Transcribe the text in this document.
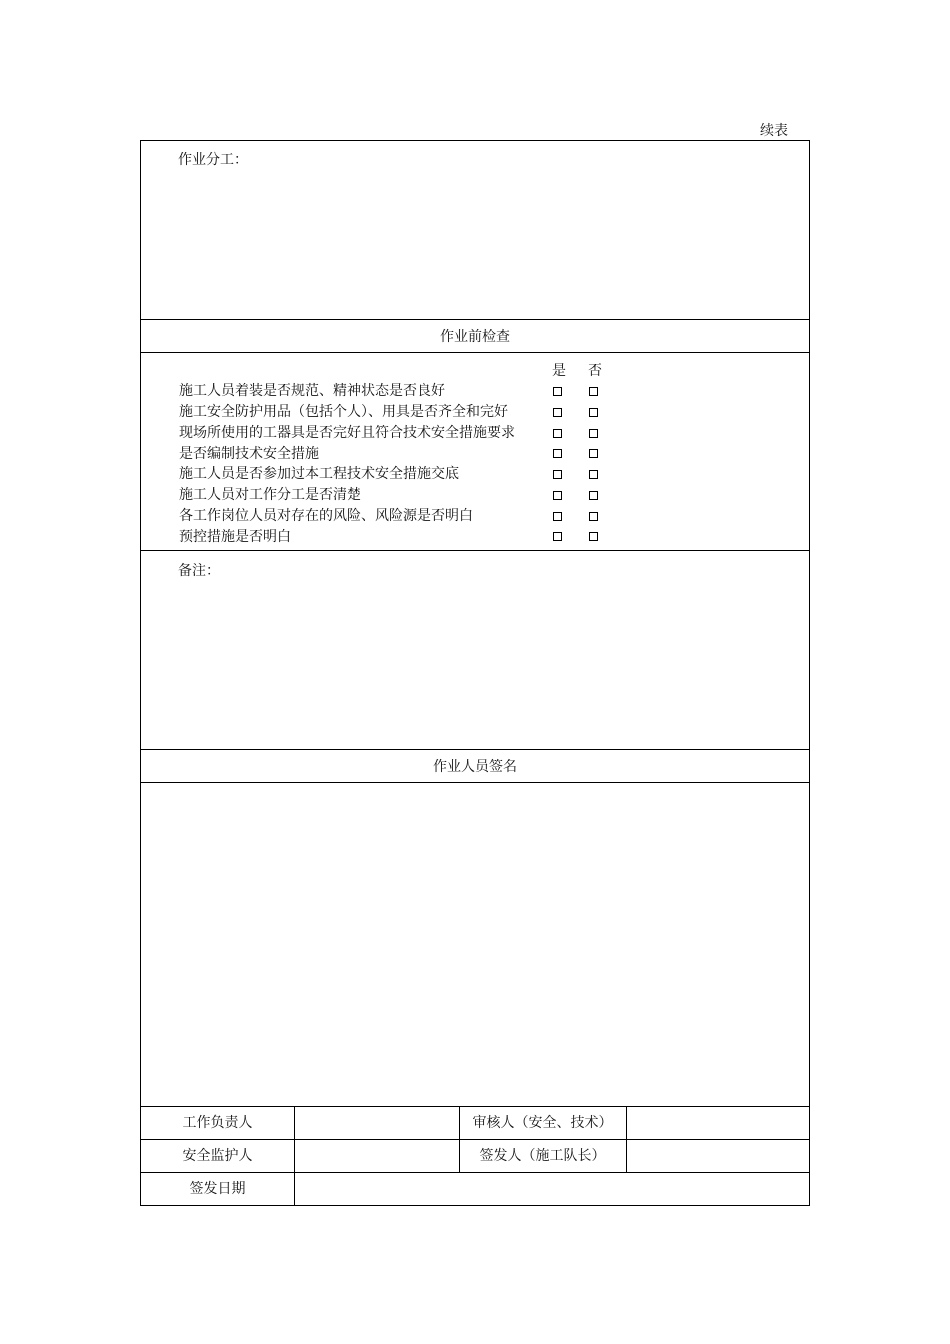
续表
作业分工：
作业前检查
是 否
施工人员着装是否规范、精神状态是否良好
施工安全防护用品（包括个人）、用具是否齐全和完好
现场所使用的工器具是否完好且符合技术安全措施要求
是否编制技术安全措施
施工人员是否参加过本工程技术安全措施交底
施工人员对工作分工是否清楚
各工作岗位人员对存在的风险、风险源是否明白
预控措施是否明白
备注：
作业人员签名
工作负责人	审核人（安全、技术）
安全监护人	签发人（施工队长）
签发日期
